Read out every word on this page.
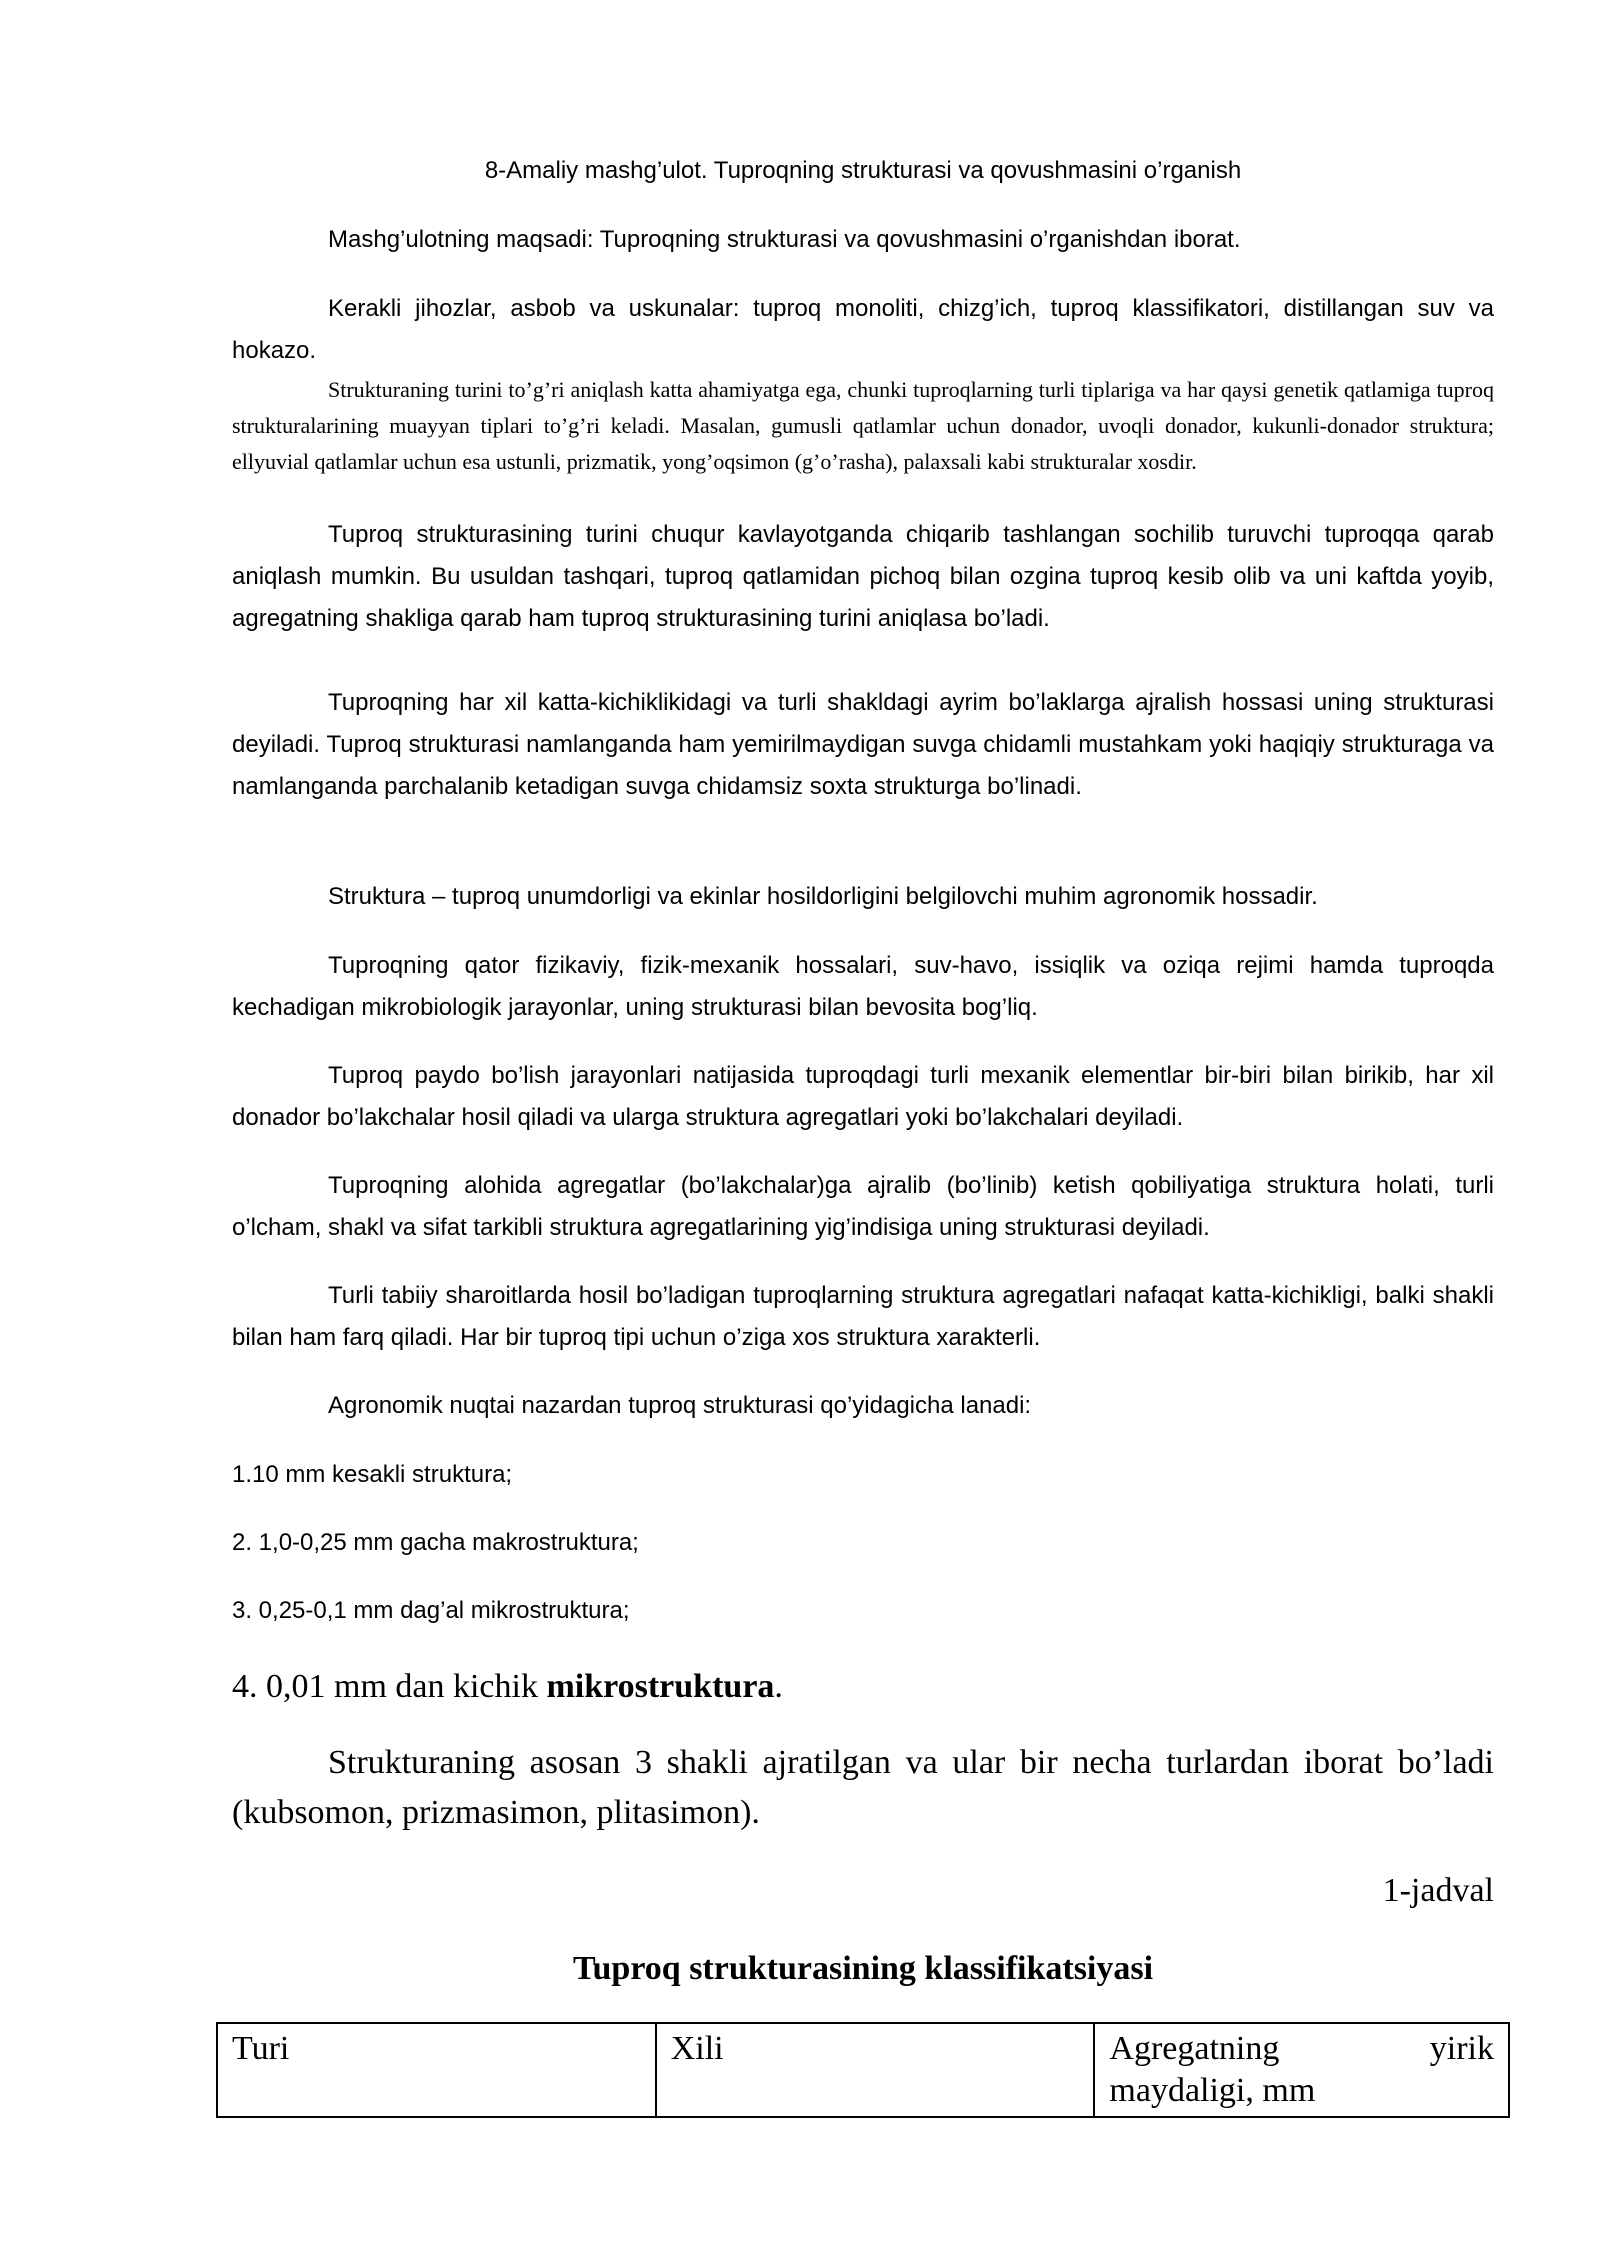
8-Amaliy mashg’ulot. Tuproqning strukturasi va qovushmasini o’rganish

Mashg’ulotning maqsadi: Tuproqning strukturasi va qovushmasini o’rganishdan iborat.

Kerakli jihozlar, asbob va uskunalar: tuproq monoliti, chizg’ich, tuproq klassifikatori, distillangan suv va hokazo.

Strukturaning turini to’g’ri aniqlash katta ahamiyatga ega, chunki tuproqlarning turli tiplariga va har qaysi genetik qatlamiga tuproq strukturalarining muayyan tiplari to’g’ri keladi. Masalan, gumusli qatlamlar uchun donador, uvoqli donador, kukunli-donador struktura; ellyuvial qatlamlar uchun esa ustunli, prizmatik, yong’oqsimon (g’o’rasha), palaxsali kabi strukturalar xosdir.

Tuproq strukturasining turini chuqur kavlayotganda chiqarib tashlangan sochilib turuvchi tuproqqa qarab aniqlash mumkin. Bu usuldan tashqari, tuproq qatlamidan pichoq bilan ozgina tuproq kesib olib va uni kaftda yoyib, agregatning shakliga qarab ham tuproq strukturasining turini aniqlasa bo’ladi.

Tuproqning har xil katta-kichiklikidagi va turli shakldagi ayrim bo’laklarga ajralish hossasi uning strukturasi deyiladi. Tuproq strukturasi namlanganda ham yemirilmaydigan suvga chidamli mustahkam yoki haqiqiy strukturaga va namlanganda parchalanib ketadigan suvga chidamsiz soxta strukturga bo’linadi.

Struktura – tuproq unumdorligi va ekinlar hosildorligini belgilovchi muhim agronomik hossadir.

Tuproqning qator fizikaviy, fizik-mexanik hossalari, suv-havo, issiqlik va oziqa rejimi hamda tuproqda kechadigan mikrobiologik jarayonlar, uning strukturasi bilan bevosita bog’liq.

Tuproq paydo bo’lish jarayonlari natijasida tuproqdagi turli mexanik elementlar bir-biri bilan birikib, har xil donador bo’lakchalar hosil qiladi va ularga struktura agregatlari yoki bo’lakchalari deyiladi.

Tuproqning alohida agregatlar (bo’lakchalar)ga ajralib (bo’linib) ketish qobiliyatiga struktura holati, turli o’lcham, shakl va sifat tarkibli struktura agregatlarining yig’indisiga uning strukturasi deyiladi.

Turli tabiiy sharoitlarda hosil bo’ladigan tuproqlarning struktura agregatlari nafaqat katta-kichikligi, balki shakli bilan ham farq qiladi. Har bir tuproq tipi uchun o’ziga xos struktura xarakterli.

Agronomik nuqtai nazardan tuproq strukturasi qo’yidagicha lanadi:

1.10 mm kesakli struktura;

2. 1,0-0,25 mm gacha makrostruktura;

3. 0,25-0,1 mm dag’al mikrostruktura;

4. 0,01 mm dan kichik mikrostruktura.

Strukturaning asosan 3 shakli ajratilgan va ular bir necha turlardan iborat bo’ladi (kubsomon, prizmasimon, plitasimon).

1-jadval

Tuproq strukturasining klassifikatsiyasi

Turi	Xili	Agregatning yirik maydaligi, mm
